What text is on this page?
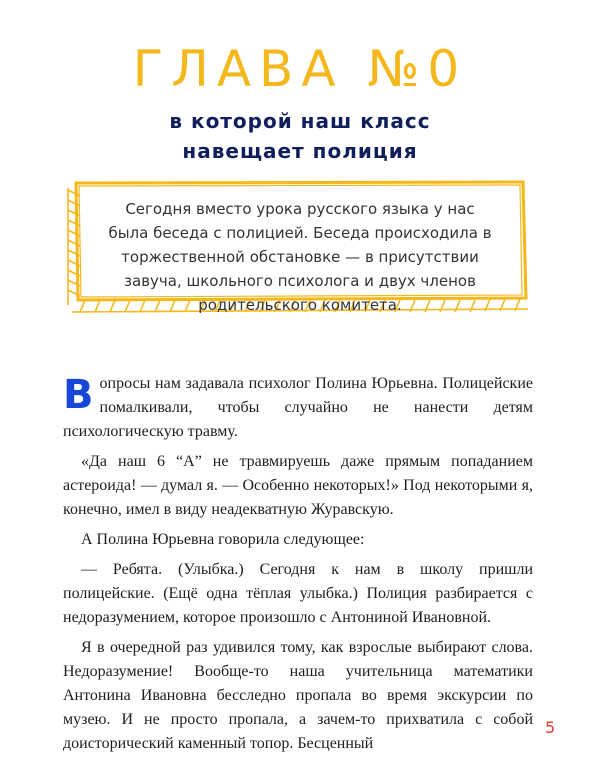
ГЛАВА №0
в которой наш класс
навещает полиция
Сегодня вместо урока русского языка у нас была беседа с полицией. Беседа происходила в торжественной обстановке — в присутствии завуча, школьного психолога и двух членов родительского комитета.

Вопросы нам задавала психолог Полина Юрьевна. Полицейские помалкивали, чтобы случайно не нанести детям психологическую травму.

«Да наш 6 “А” не травмируешь даже прямым попаданием астероида! — думал я. — Особенно некоторых!» Под некоторыми я, конечно, имел в виду неадекватную Журавскую.

А Полина Юрьевна говорила следующее:

— Ребята. (Улыбка.) Сегодня к нам в школу пришли полицейские. (Ещё одна тёплая улыбка.) Полиция разбирается с недоразумением, которое произошло с Антониной Ивановной.

Я в очередной раз удивился тому, как взрослые выбирают слова. Недоразумение! Вообще-то наша учительница математики Антонина Ивановна бесследно пропала во время экскурсии по музею. И не просто пропала, а зачем-то прихватила с собой доисторический каменный топор. Бесценный

5
